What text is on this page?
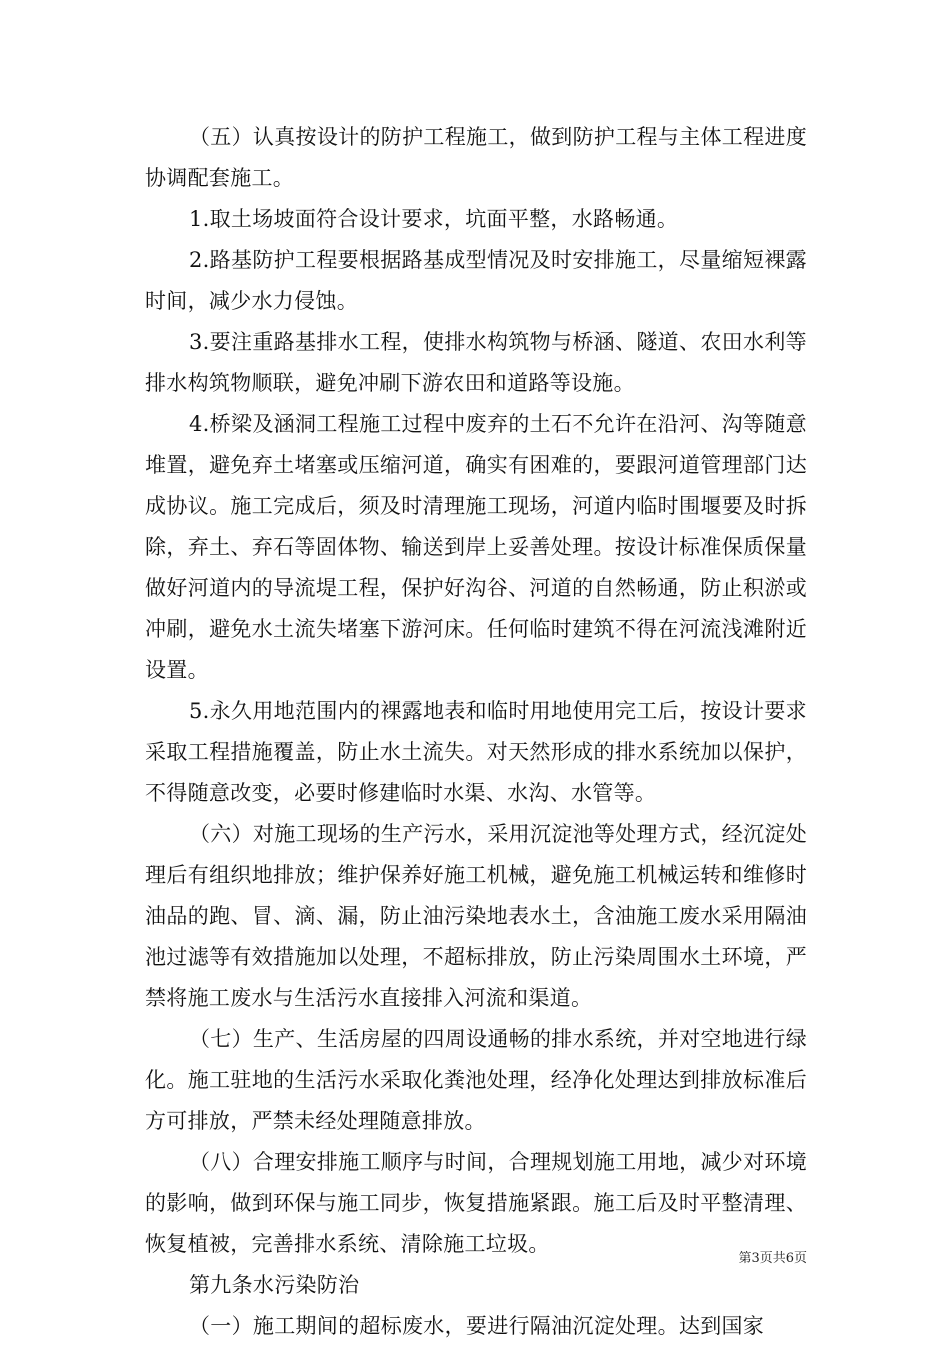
（五）认真按设计的防护工程施工，做到防护工程与主体工程进度协调配套施工。

1.取土场坡面符合设计要求，坑面平整，水路畅通。

2.路基防护工程要根据路基成型情况及时安排施工，尽量缩短裸露时间，减少水力侵蚀。

3.要注重路基排水工程，使排水构筑物与桥涵、隧道、农田水利等排水构筑物顺联，避免冲刷下游农田和道路等设施。

4.桥梁及涵洞工程施工过程中废弃的土石不允许在沿河、沟等随意堆置，避免弃土堵塞或压缩河道，确实有困难的，要跟河道管理部门达成协议。施工完成后，须及时清理施工现场，河道内临时围堰要及时拆除，弃土、弃石等固体物、输送到岸上妥善处理。按设计标准保质保量做好河道内的导流堤工程，保护好沟谷、河道的自然畅通，防止积淤或冲刷，避免水土流失堵塞下游河床。任何临时建筑不得在河流浅滩附近设置。

5.永久用地范围内的裸露地表和临时用地使用完工后，按设计要求采取工程措施覆盖，防止水土流失。对天然形成的排水系统加以保护，不得随意改变，必要时修建临时水渠、水沟、水管等。

（六）对施工现场的生产污水，采用沉淀池等处理方式，经沉淀处理后有组织地排放；维护保养好施工机械，避免施工机械运转和维修时油品的跑、冒、滴、漏，防止油污染地表水土，含油施工废水采用隔油池过滤等有效措施加以处理，不超标排放，防止污染周围水土环境，严禁将施工废水与生活污水直接排入河流和渠道。

（七）生产、生活房屋的四周设通畅的排水系统，并对空地进行绿化。施工驻地的生活污水采取化粪池处理，经净化处理达到排放标准后方可排放，严禁未经处理随意排放。

（八）合理安排施工顺序与时间，合理规划施工用地，减少对环境的影响，做到环保与施工同步，恢复措施紧跟。施工后及时平整清理、恢复植被，完善排水系统、清除施工垃圾。

第九条水污染防治

（一）施工期间的超标废水，要进行隔油沉淀处理。达到国家

第3页共6页
